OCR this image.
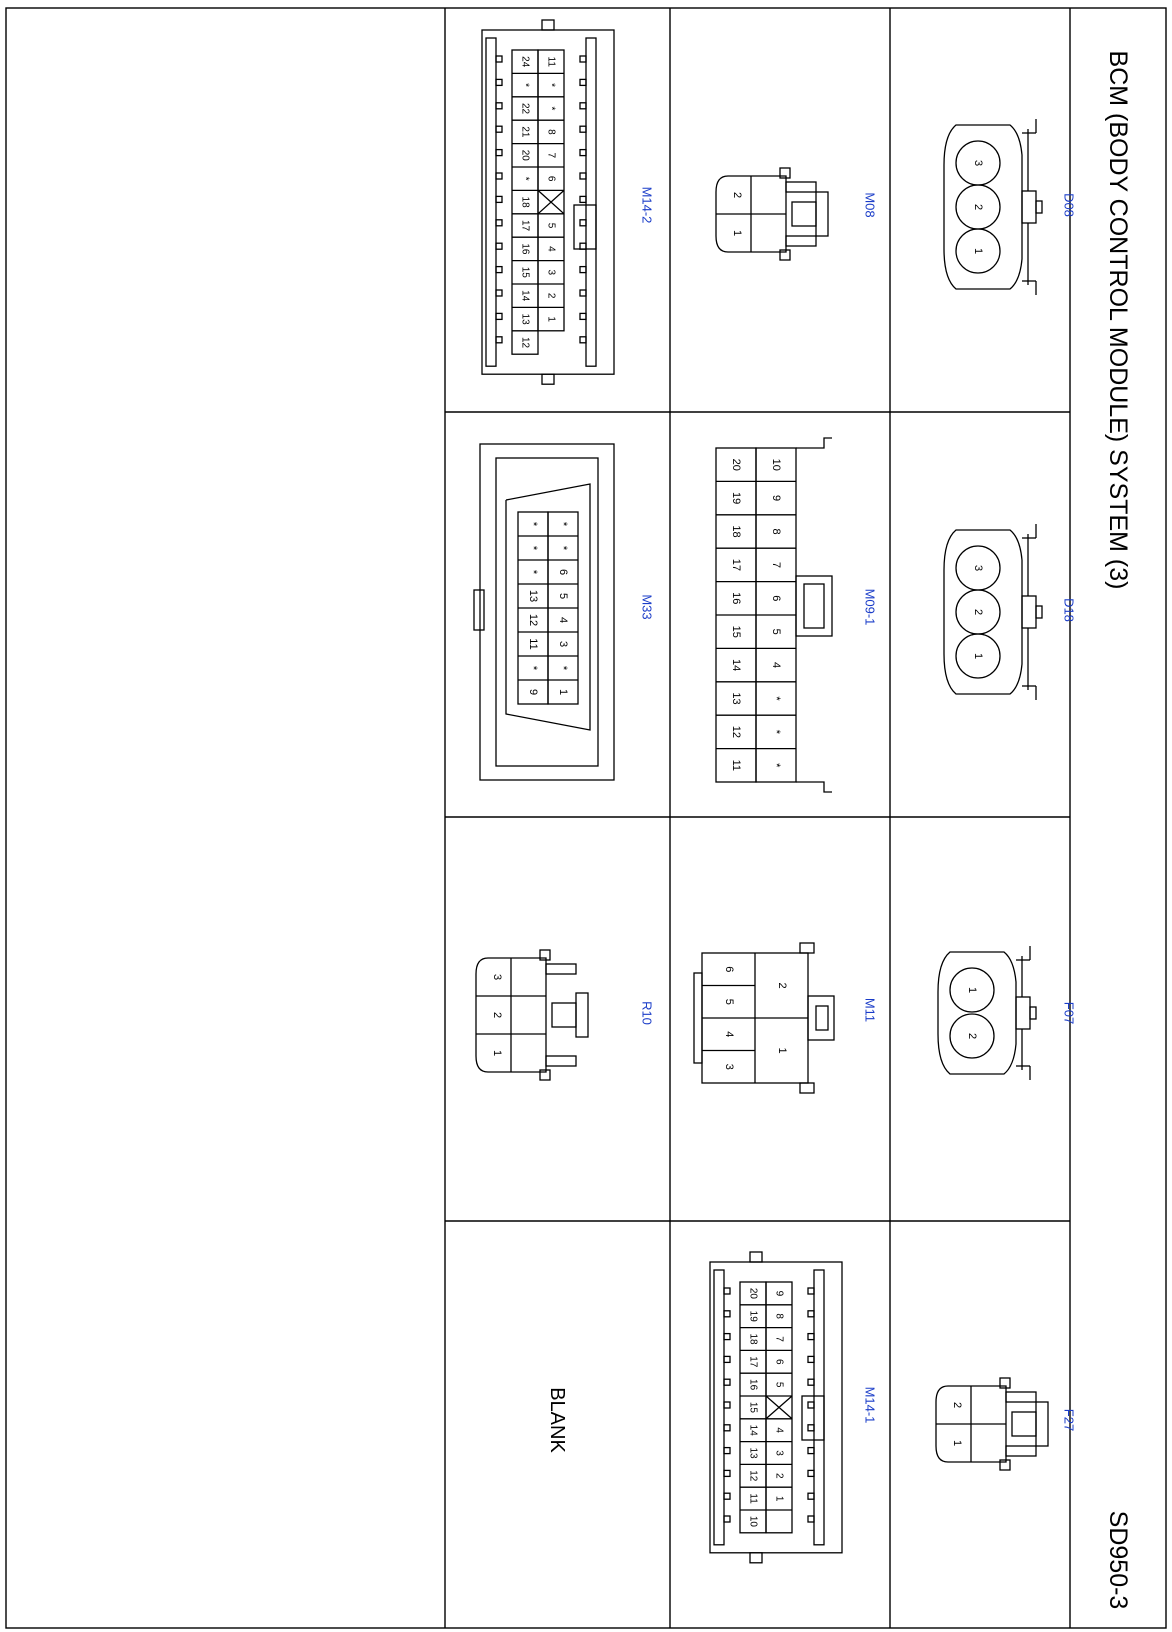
BCM (BODY CONTROL MODULE) SYSTEM (3)
SD950-3
D08
D18
F07
F27
M08
M09-1
M11
M14-1
M14-2
M33
R10
BLANK
3
2
1
3
2
1
1
2
2
1
2
1
3
2
1
2
1
6
5
4
3
10
9
8
7
6
5
4
*
*
*
20
19
18
17
16
15
14
13
12
11
9
8
7
6
5
4
3
2
1
20
19
18
17
16
15
14
13
12
11
10
11
*
*
8
7
6
5
4
3
2
1
24
*
22
21
20
*
18
17
16
15
14
13
12
*
*
6
5
4
3
*
1
*
*
*
13
12
11
*
9
